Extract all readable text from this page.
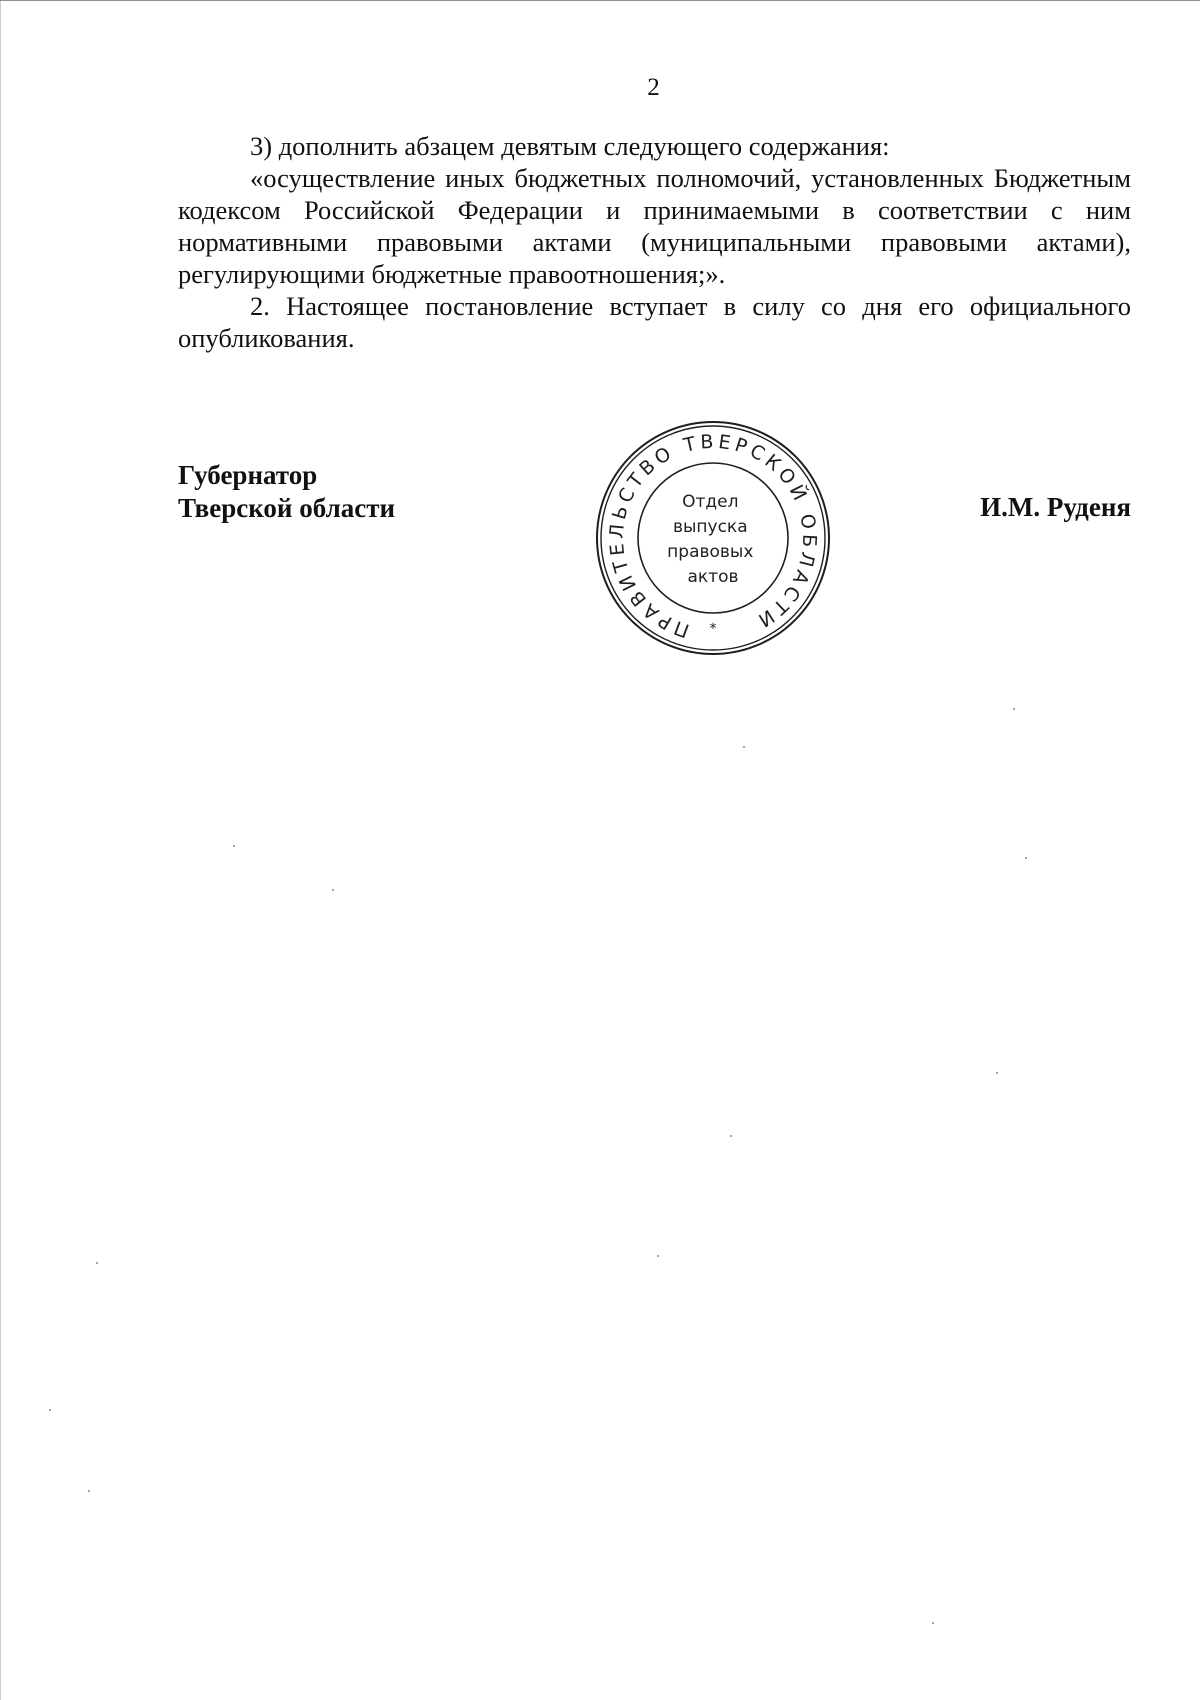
2

3) дополнить абзацем девятым следующего содержания:

«осуществление иных бюджетных полномочий, установленных Бюджетным кодексом Российской Федерации и принимаемыми в соответствии с ним нормативными правовыми актами (муниципальными правовыми актами), регулирующими бюджетные правоотношения;».

2. Настоящее постановление вступает в силу со дня его официального опубликования.

Губернатор
Тверской области	И.М. Руденя
ПРАВИТЕЛЬСТВО ТВЕРСКОЙ ОБЛАСТИ
*
Отдел выпуска правовых актов
